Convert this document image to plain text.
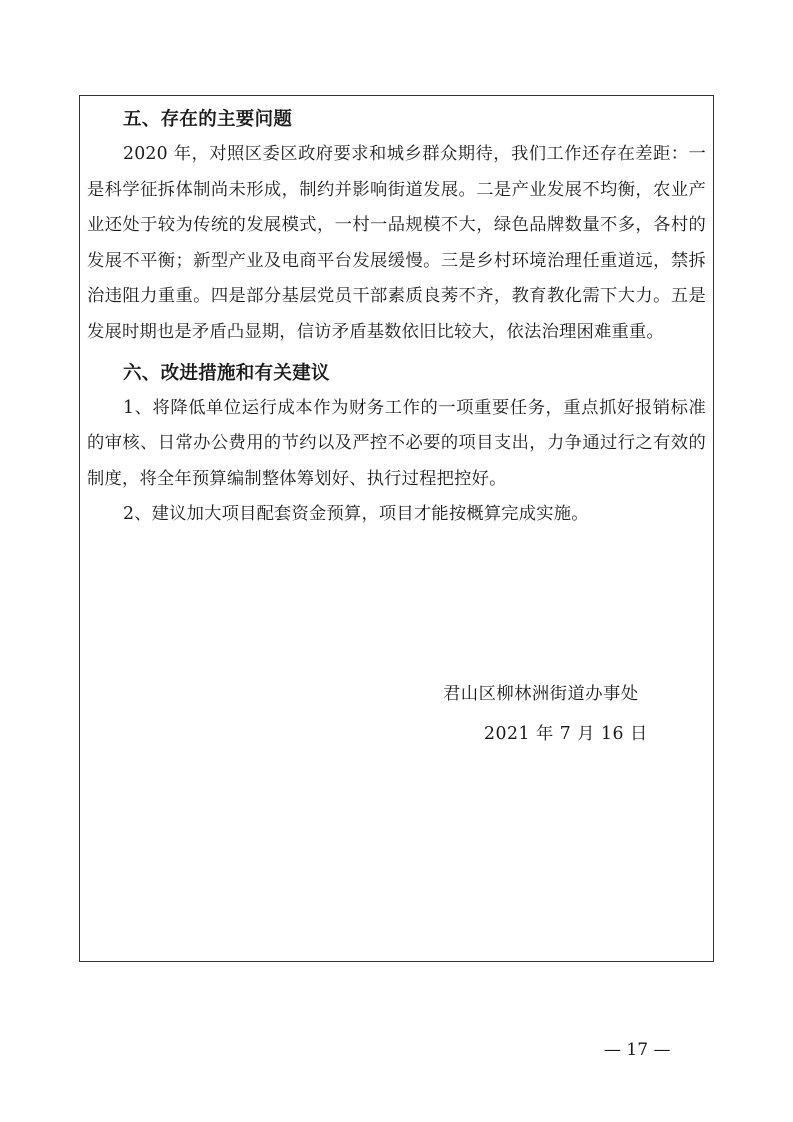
五、存在的主要问题

2020 年，对照区委区政府要求和城乡群众期待，我们工作还存在差距：一是科学征拆体制尚未形成，制约并影响街道发展。二是产业发展不均衡，农业产业还处于较为传统的发展模式，一村一品规模不大，绿色品牌数量不多，各村的发展不平衡；新型产业及电商平台发展缓慢。三是乡村环境治理任重道远，禁拆治违阻力重重。四是部分基层党员干部素质良莠不齐，教育教化需下大力。五是发展时期也是矛盾凸显期，信访矛盾基数依旧比较大，依法治理困难重重。

六、改进措施和有关建议

1、将降低单位运行成本作为财务工作的一项重要任务，重点抓好报销标准的审核、日常办公费用的节约以及严控不必要的项目支出，力争通过行之有效的制度，将全年预算编制整体筹划好、执行过程把控好。

2、建议加大项目配套资金预算，项目才能按概算完成实施。

君山区柳林洲街道办事处
2021 年 7 月 16 日
— 17 —
